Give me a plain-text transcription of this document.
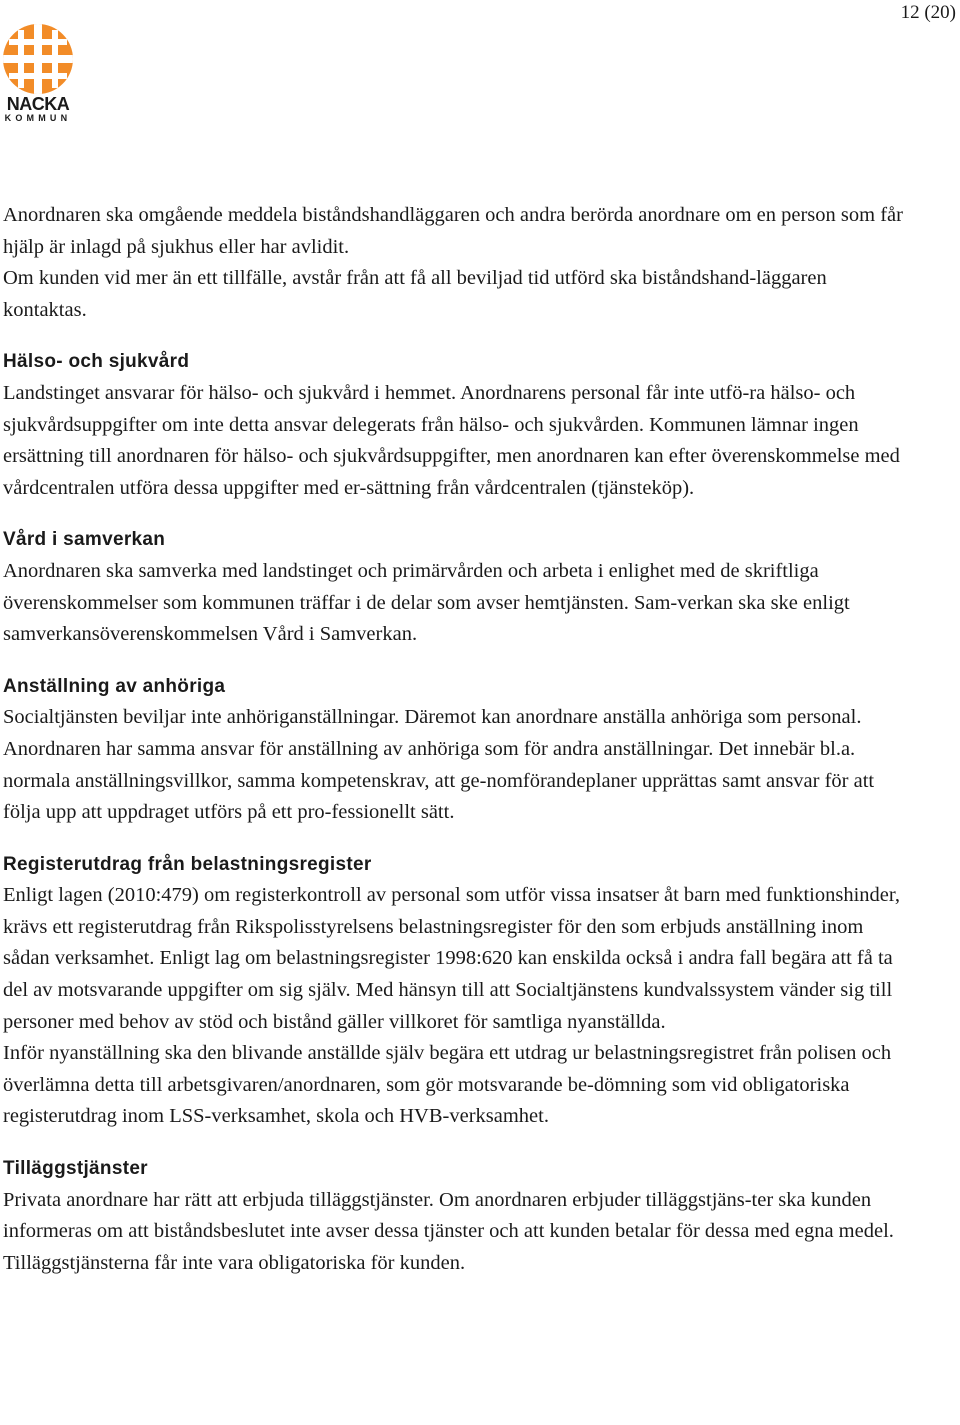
12 (20)
NACKA
KOMMUN

Anordnaren ska omgående meddela biståndshandläggaren och andra berörda anordnare om en person som får hjälp är inlagd på sjukhus eller har avlidit.

Om kunden vid mer än ett tillfälle, avstår från att få all beviljad tid utförd ska biståndshand-läggaren kontaktas.

Hälso- och sjukvård

Landstinget ansvarar för hälso- och sjukvård i hemmet. Anordnarens personal får inte utfö-ra hälso- och sjukvårdsuppgifter om inte detta ansvar delegerats från hälso- och sjukvården. Kommunen lämnar ingen ersättning till anordnaren för hälso- och sjukvårdsuppgifter, men anordnaren kan efter överenskommelse med vårdcentralen utföra dessa uppgifter med er-sättning från vårdcentralen (tjänsteköp).

Vård i samverkan

Anordnaren ska samverka med landstinget och primärvården och arbeta i enlighet med de skriftliga överenskommelser som kommunen träffar i de delar som avser hemtjänsten. Sam-verkan ska ske enligt samverkansöverenskommelsen Vård i Samverkan.

Anställning av anhöriga

Socialtjänsten beviljar inte anhöriganställningar. Däremot kan anordnare anställa anhöriga som personal. Anordnaren har samma ansvar för anställning av anhöriga som för andra anställningar. Det innebär bl.a. normala anställningsvillkor, samma kompetenskrav, att ge-nomförandeplaner upprättas samt ansvar för att följa upp att uppdraget utförs på ett pro-fessionellt sätt.

Registerutdrag från belastningsregister

Enligt lagen (2010:479) om registerkontroll av personal som utför vissa insatser åt barn med funktionshinder, krävs ett registerutdrag från Rikspolisstyrelsens belastningsregister för den som erbjuds anställning inom sådan verksamhet. Enligt lag om belastningsregister 1998:620 kan enskilda också i andra fall begära att få ta del av motsvarande uppgifter om sig själv. Med hänsyn till att Socialtjänstens kundvalssystem vänder sig till personer med behov av stöd och bistånd gäller villkoret för samtliga nyanställda.

Inför nyanställning ska den blivande anställde själv begära ett utdrag ur belastningsregistret från polisen och överlämna detta till arbetsgivaren/anordnaren, som gör motsvarande be-dömning som vid obligatoriska registerutdrag inom LSS-verksamhet, skola och HVB-verksamhet.

Tilläggstjänster

Privata anordnare har rätt att erbjuda tilläggstjänster. Om anordnaren erbjuder tilläggstjäns-ter ska kunden informeras om att biståndsbeslutet inte avser dessa tjänster och att kunden betalar för dessa med egna medel. Tilläggstjänsterna får inte vara obligatoriska för kunden.
